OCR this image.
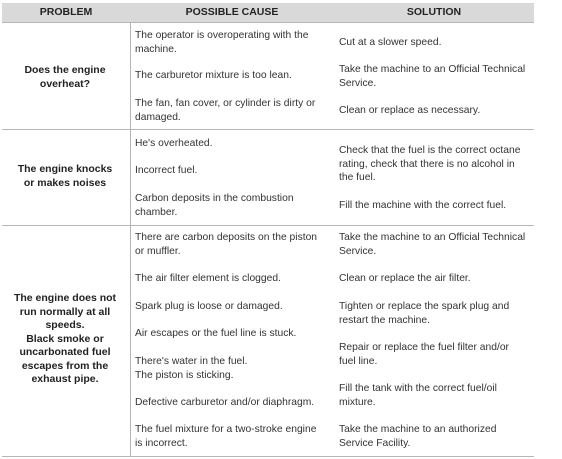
PROBLEM	POSSIBLE CAUSE	SOLUTION
Does the engine
overheat?
The operator is overoperating with the
machine.
The carburetor mixture is too lean.
The fan, fan cover, or cylinder is dirty or
damaged.
Cut at a slower speed.
Take the machine to an Official Technical
Service.
Clean or replace as necessary.
The engine knocks
or makes noises
He's overheated.
Incorrect fuel.
Carbon deposits in the combustion
chamber.
Check that the fuel is the correct octane
rating, check that there is no alcohol in
the fuel.
Fill the machine with the correct fuel.
The engine does not
run normally at all
speeds.
Black smoke or
uncarbonated fuel
escapes from the
exhaust pipe.
There are carbon deposits on the piston
or muffler.
The air filter element is clogged.
Spark plug is loose or damaged.
Air escapes or the fuel line is stuck.
There's water in the fuel.
The piston is sticking.
Defective carburetor and/or diaphragm.
The fuel mixture for a two-stroke engine
is incorrect.
Take the machine to an Official Technical
Service.
Clean or replace the air filter.
Tighten or replace the spark plug and
restart the machine.
Repair or replace the fuel filter and/or
fuel line.
Fill the tank with the correct fuel/oil
mixture.
Take the machine to an authorized
Service Facility.
